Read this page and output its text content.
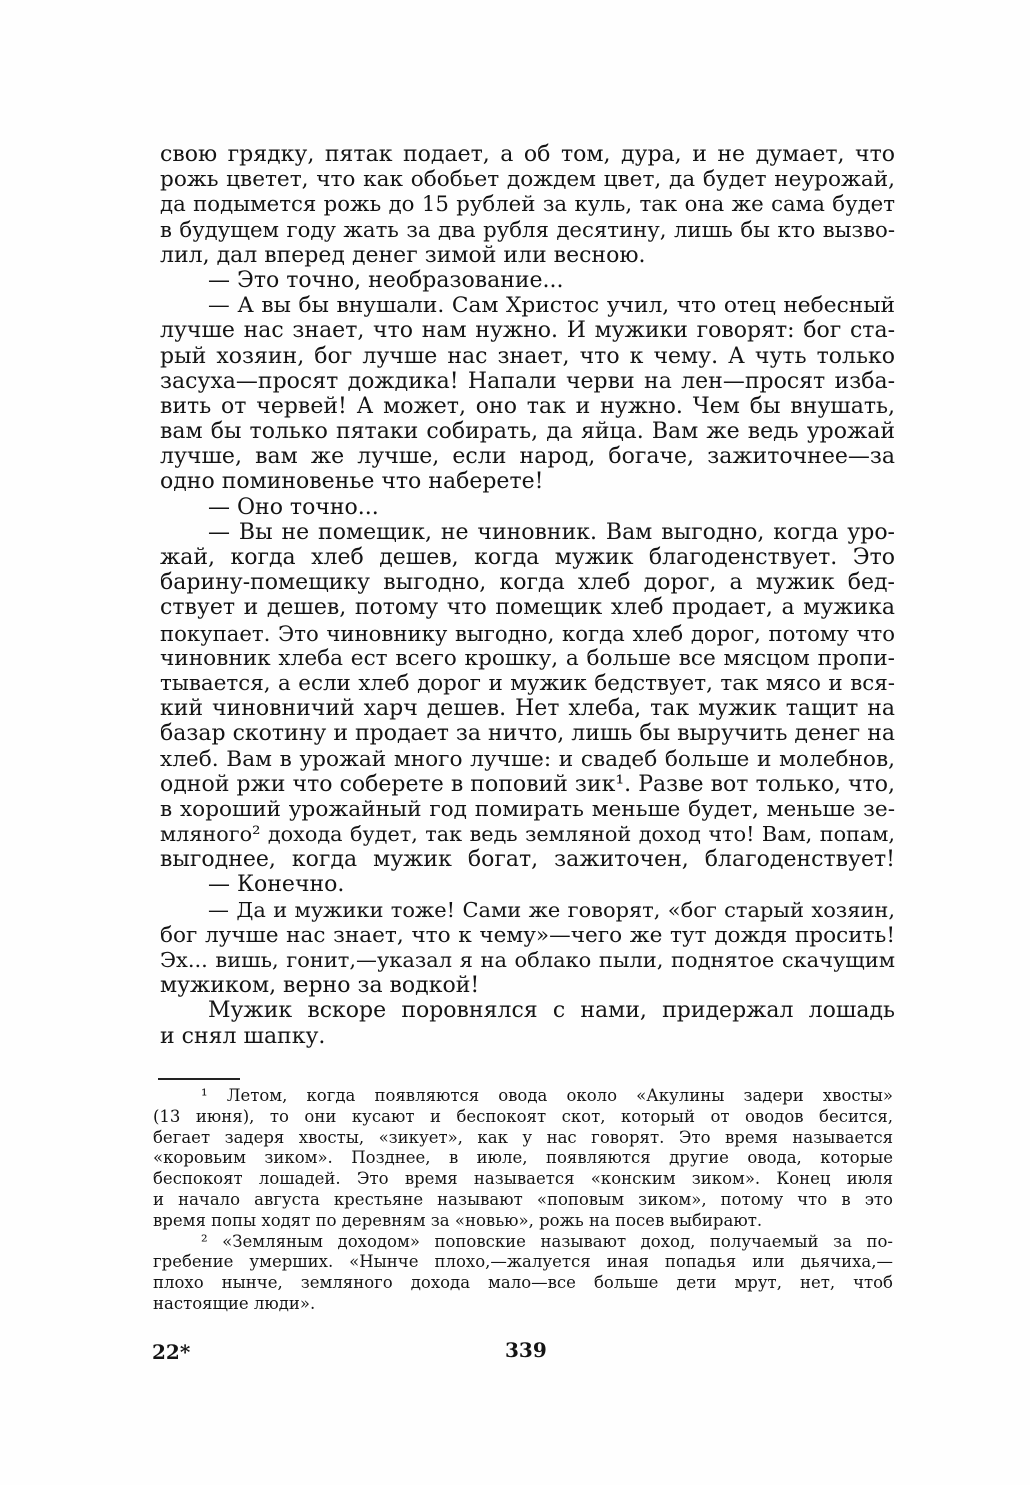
свою грядку, пятак подает, а об том, дура, и не думает, что
рожь цветет, что как обобьет дождем цвет, да будет неурожай,
да подымется рожь до 15 рублей за куль, так она же сама будет
в будущем году жать за два рубля десятину, лишь бы кто вызво-
лил, дал вперед денег зимой или весною.
— Это точно, необразование...
— А вы бы внушали. Сам Христос учил, что отец небесный
лучше нас знает, что нам нужно. И мужики говорят: бог ста-
рый хозяин, бог лучше нас знает, что к чему. А чуть только
засуха—просят дождика! Напали черви на лен—просят изба-
вить от червей! А может, оно так и нужно. Чем бы внушать,
вам бы только пятаки собирать, да яйца. Вам же ведь урожай
лучше, вам же лучше, если народ, богаче, зажиточнее—за
одно поминовенье что наберете!
— Оно точно...
— Вы не помещик, не чиновник. Вам выгодно, когда уро-
жай, когда хлеб дешев, когда мужик благоденствует. Это
барину-помещику выгодно, когда хлеб дорог, а мужик бед-
ствует и дешев, потому что помещик хлеб продает, а мужика
покупает. Это чиновнику выгодно, когда хлеб дорог, потому что
чиновник хлеба ест всего крошку, а больше все мясцом пропи-
тывается, а если хлеб дорог и мужик бедствует, так мясо и вся-
кий чиновничий харч дешев. Нет хлеба, так мужик тащит на
базар скотину и продает за ничто, лишь бы выручить денег на
хлеб. Вам в урожай много лучше: и свадеб больше и молебнов,
одной ржи что соберете в поповий зик¹. Разве вот только, что,
в хороший урожайный год помирать меньше будет, меньше зе-
мляного² дохода будет, так ведь земляной доход что! Вам, попам,
выгоднее, когда мужик богат, зажиточен, благоденствует!
— Конечно.
— Да и мужики тоже! Сами же говорят, «бог старый хозяин,
бог лучше нас знает, что к чему»—чего же тут дождя просить!
Эх... вишь, гонит,—указал я на облако пыли, поднятое скачущим
мужиком, верно за водкой!
Мужик вскоре поровнялся с нами, придержал лошадь
и снял шапку.
¹ Летом, когда появляются овода около «Акулины задери хвосты»
(13 июня), то они кусают и беспокоят скот, который от оводов бесится,
бегает задеря хвосты, «зикует», как у нас говорят. Это время называется
«коровьим зиком». Позднее, в июле, появляются другие овода, которые
беспокоят лошадей. Это время называется «конским зиком». Конец июля
и начало августа крестьяне называют «поповым зиком», потому что в это
время попы ходят по деревням за «новью», рожь на посев выбирают.
² «Земляным доходом» поповские называют доход, получаемый за по-
гребение умерших. «Нынче плохо,—жалуется иная попадья или дьячиха,—
плохо нынче, земляного дохода мало—все больше дети мрут, нет, чтоб
настоящие люди».
22*	339
